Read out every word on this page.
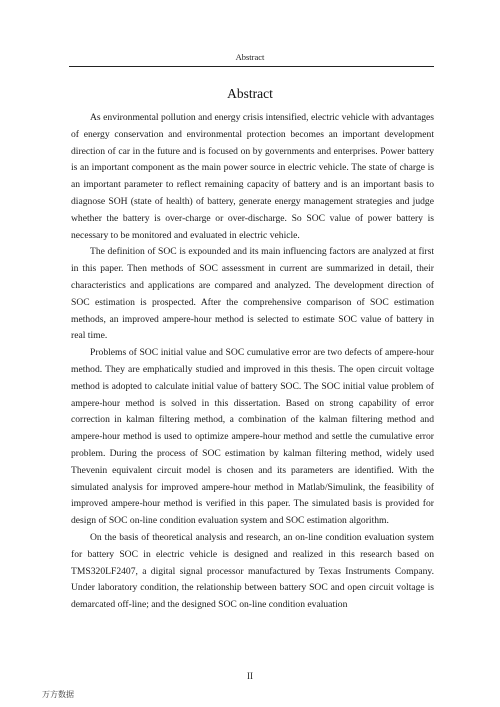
Abstract
Abstract

As environmental pollution and energy crisis intensified, electric vehicle with advantages of energy conservation and environmental protection becomes an important development direction of car in the future and is focused on by governments and enterprises. Power battery is an important component as the main power source in electric vehicle. The state of charge is an important parameter to reflect remaining capacity of battery and is an important basis to diagnose SOH (state of health) of battery, generate energy management strategies and judge whether the battery is over-charge or over-discharge. So SOC value of power battery is necessary to be monitored and evaluated in electric vehicle.

The definition of SOC is expounded and its main influencing factors are analyzed at first in this paper. Then methods of SOC assessment in current are summarized in detail, their characteristics and applications are compared and analyzed. The development direction of SOC estimation is prospected. After the comprehensive comparison of SOC estimation methods, an improved ampere-hour method is selected to estimate SOC value of battery in real time.

Problems of SOC initial value and SOC cumulative error are two defects of ampere-hour method. They are emphatically studied and improved in this thesis. The open circuit voltage method is adopted to calculate initial value of battery SOC. The SOC initial value problem of ampere-hour method is solved in this dissertation. Based on strong capability of error correction in kalman filtering method, a combination of the kalman filtering method and ampere-hour method is used to optimize ampere-hour method and settle the cumulative error problem. During the process of SOC estimation by kalman filtering method, widely used Thevenin equivalent circuit model is chosen and its parameters are identified. With the simulated analysis for improved ampere-hour method in Matlab/Simulink, the feasibility of improved ampere-hour method is verified in this paper. The simulated basis is provided for design of SOC on-line condition evaluation system and SOC estimation algorithm.

On the basis of theoretical analysis and research, an on-line condition evaluation system for battery SOC in electric vehicle is designed and realized in this research based on TMS320LF2407, a digital signal processor manufactured by Texas Instruments Company. Under laboratory condition, the relationship between battery SOC and open circuit voltage is demarcated off-line; and the designed SOC on-line condition evaluation

II
万方数据
